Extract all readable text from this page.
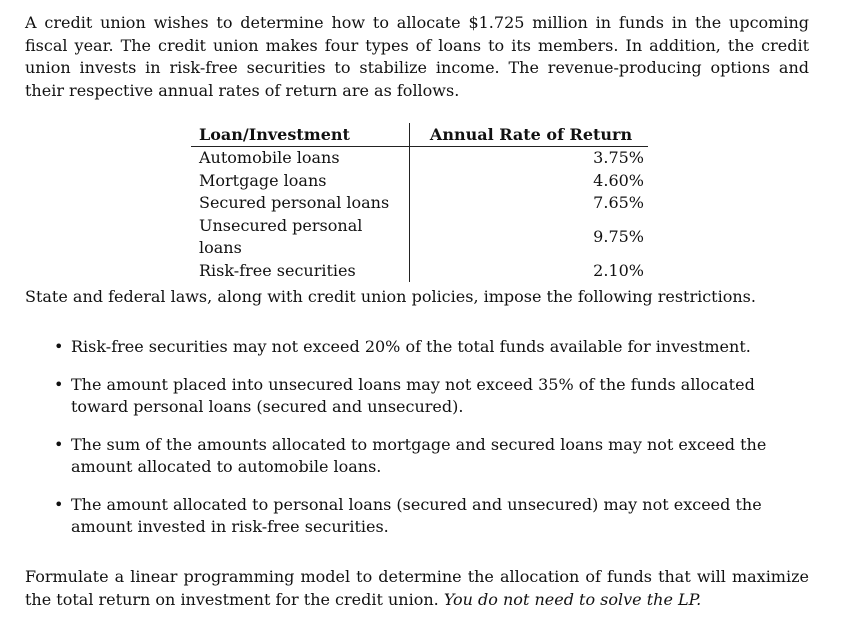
A credit union wishes to determine how to allocate $1.725 million in funds in the upcoming fiscal year. The credit union makes four types of loans to its members. In addition, the credit union invests in risk-free securities to stabilize income. The revenue-producing options and their respective annual rates of return are as follows.

Loan/Investment	Annual Rate of Return
Automobile loans	3.75%
Mortgage loans	4.60%
Secured personal loans	7.65%
Unsecured personal loans	9.75%
Risk-free securities	2.10%

State and federal laws, along with credit union policies, impose the following restrictions.

• Risk-free securities may not exceed 20% of the total funds available for investment.
• The amount placed into unsecured loans may not exceed 35% of the funds allocated toward personal loans (secured and unsecured).
• The sum of the amounts allocated to mortgage and secured loans may not exceed the amount allocated to automobile loans.
• The amount allocated to personal loans (secured and unsecured) may not exceed the amount invested in risk-free securities.

Formulate a linear programming model to determine the allocation of funds that will maximize the total return on investment for the credit union. You do not need to solve the LP.
